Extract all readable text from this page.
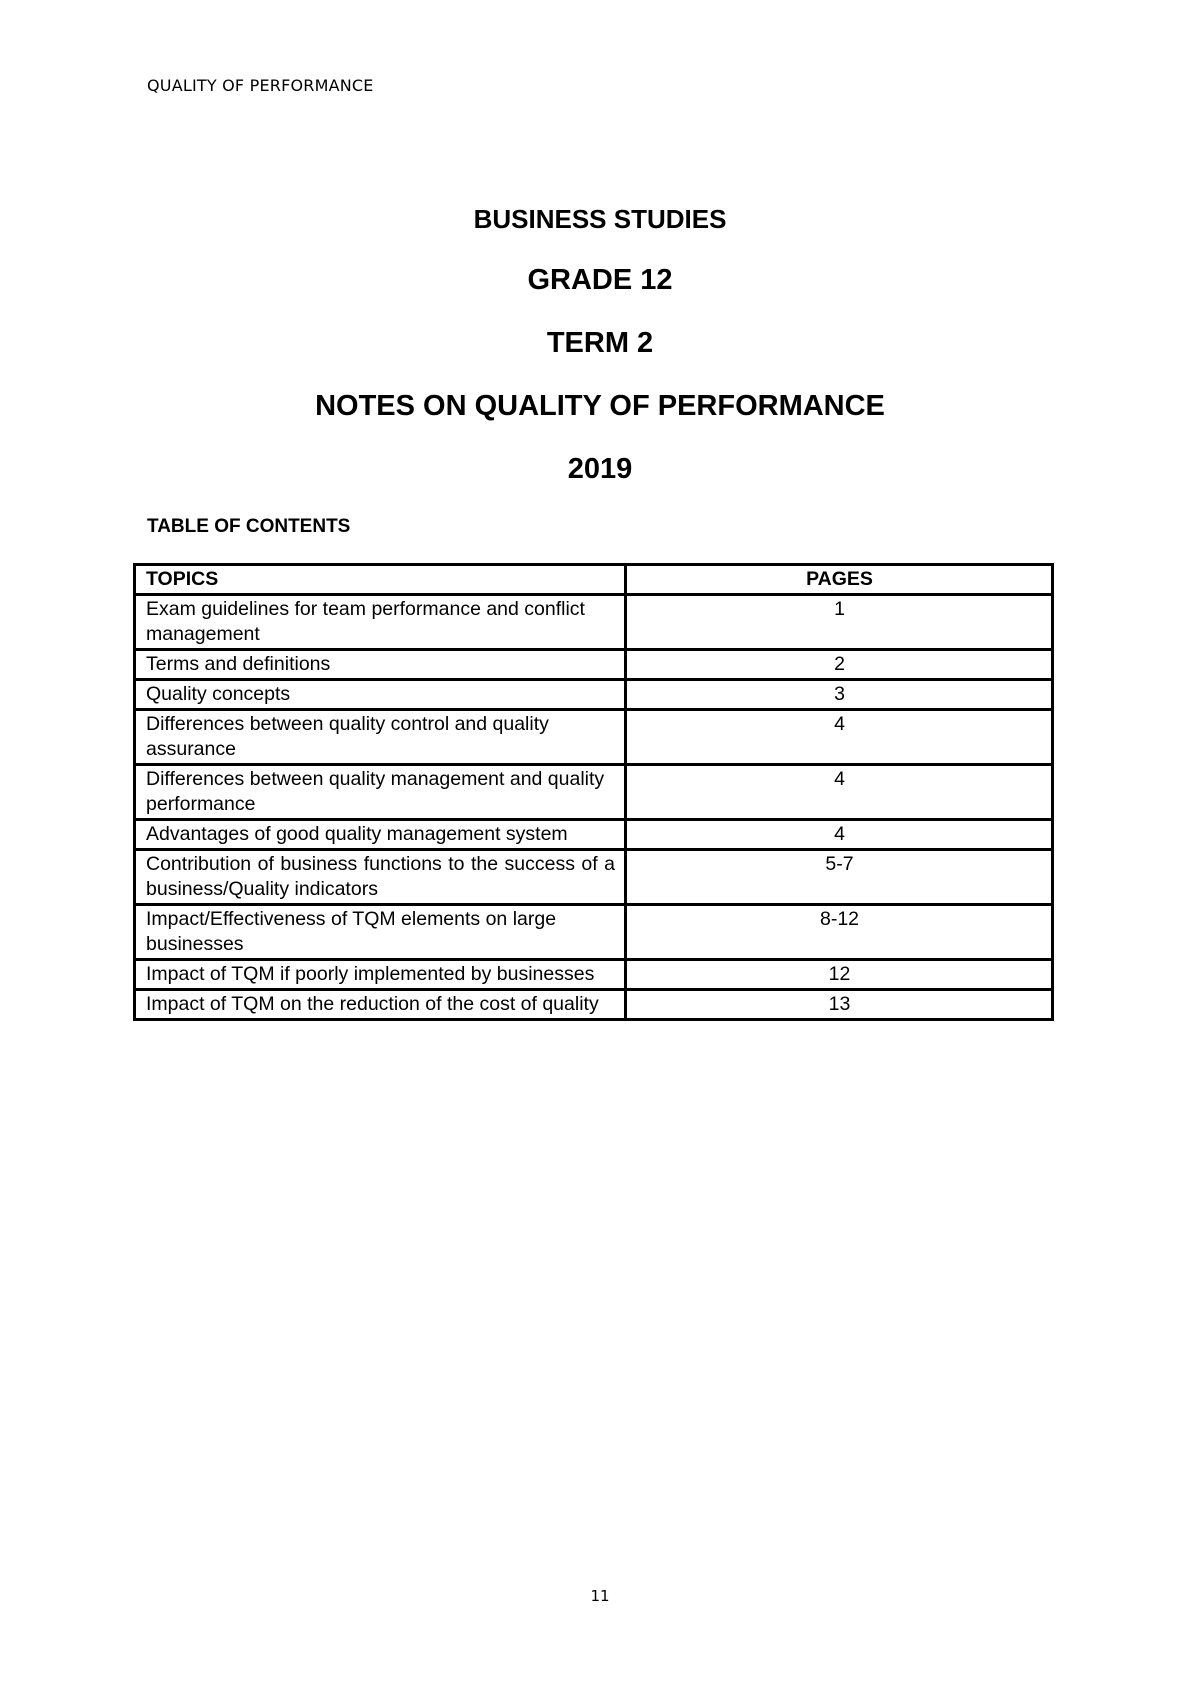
QUALITY OF PERFORMANCE
BUSINESS STUDIES
GRADE 12
TERM 2
NOTES ON QUALITY OF PERFORMANCE
2019
TABLE OF CONTENTS
TOPICS	PAGES
Exam guidelines for team performance and conflict management	1
Terms and definitions	2
Quality concepts	3
Differences between quality control and quality assurance	4
Differences between quality management and quality performance	4
Advantages of good quality management system	4
Contribution of business functions to the success of a business/Quality indicators	5-7
Impact/Effectiveness of TQM elements on large businesses	8-12
Impact of TQM if poorly implemented by businesses	12
Impact of TQM on the reduction of the cost of quality	13
11
